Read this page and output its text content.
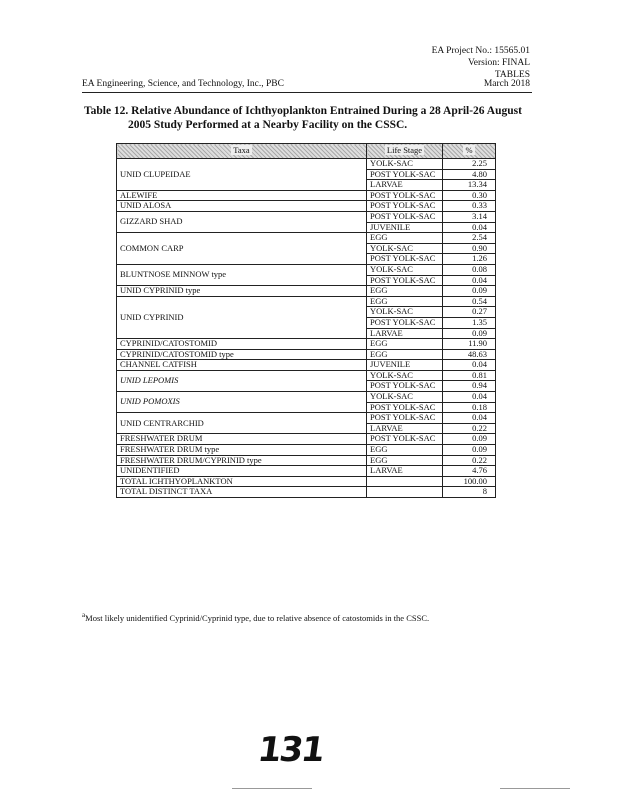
EA Project No.: 15565.01
Version: FINAL
TABLES
EA Engineering, Science, and Technology, Inc., PBC	March 2018
Table 12. Relative Abundance of Ichthyoplankton Entrained During a 28 April-26 August
2005 Study Performed at a Nearby Facility on the CSSC.
Taxa	Life Stage	%
UNID CLUPEIDAE	YOLK-SAC	2.25
	POST YOLK-SAC	4.80
	LARVAE	13.34
ALEWIFE	POST YOLK-SAC	0.30
UNID ALOSA	POST YOLK-SAC	0.33
GIZZARD SHAD	POST YOLK-SAC	3.14
	JUVENILE	0.04
COMMON CARP	EGG	2.54
	YOLK-SAC	0.90
	POST YOLK-SAC	1.26
BLUNTNOSE MINNOW type	YOLK-SAC	0.08
	POST YOLK-SAC	0.04
UNID CYPRINID type	EGG	0.09
UNID CYPRINID	EGG	0.54
	YOLK-SAC	0.27
	POST YOLK-SAC	1.35
	LARVAE	0.09
CYPRINID/CATOSTOMID	EGG	11.90
CYPRINID/CATOSTOMID type	EGG	48.63
CHANNEL CATFISH	JUVENILE	0.04
UNID LEPOMIS	YOLK-SAC	0.81
	POST YOLK-SAC	0.94
UNID POMOXIS	YOLK-SAC	0.04
	POST YOLK-SAC	0.18
UNID CENTRARCHID	POST YOLK-SAC	0.04
	LARVAE	0.22
FRESHWATER DRUM	POST YOLK-SAC	0.09
FRESHWATER DRUM type	EGG	0.09
FRESHWATER DRUM/CYPRINID type	EGG	0.22
UNIDENTIFIED	LARVAE	4.76
TOTAL ICHTHYOPLANKTON		100.00
TOTAL DISTINCT TAXA		8
$^a$Most likely unidentified Cyprinid/Cyprinid type, due to relative absence of catostomids in the CSSC.
131
